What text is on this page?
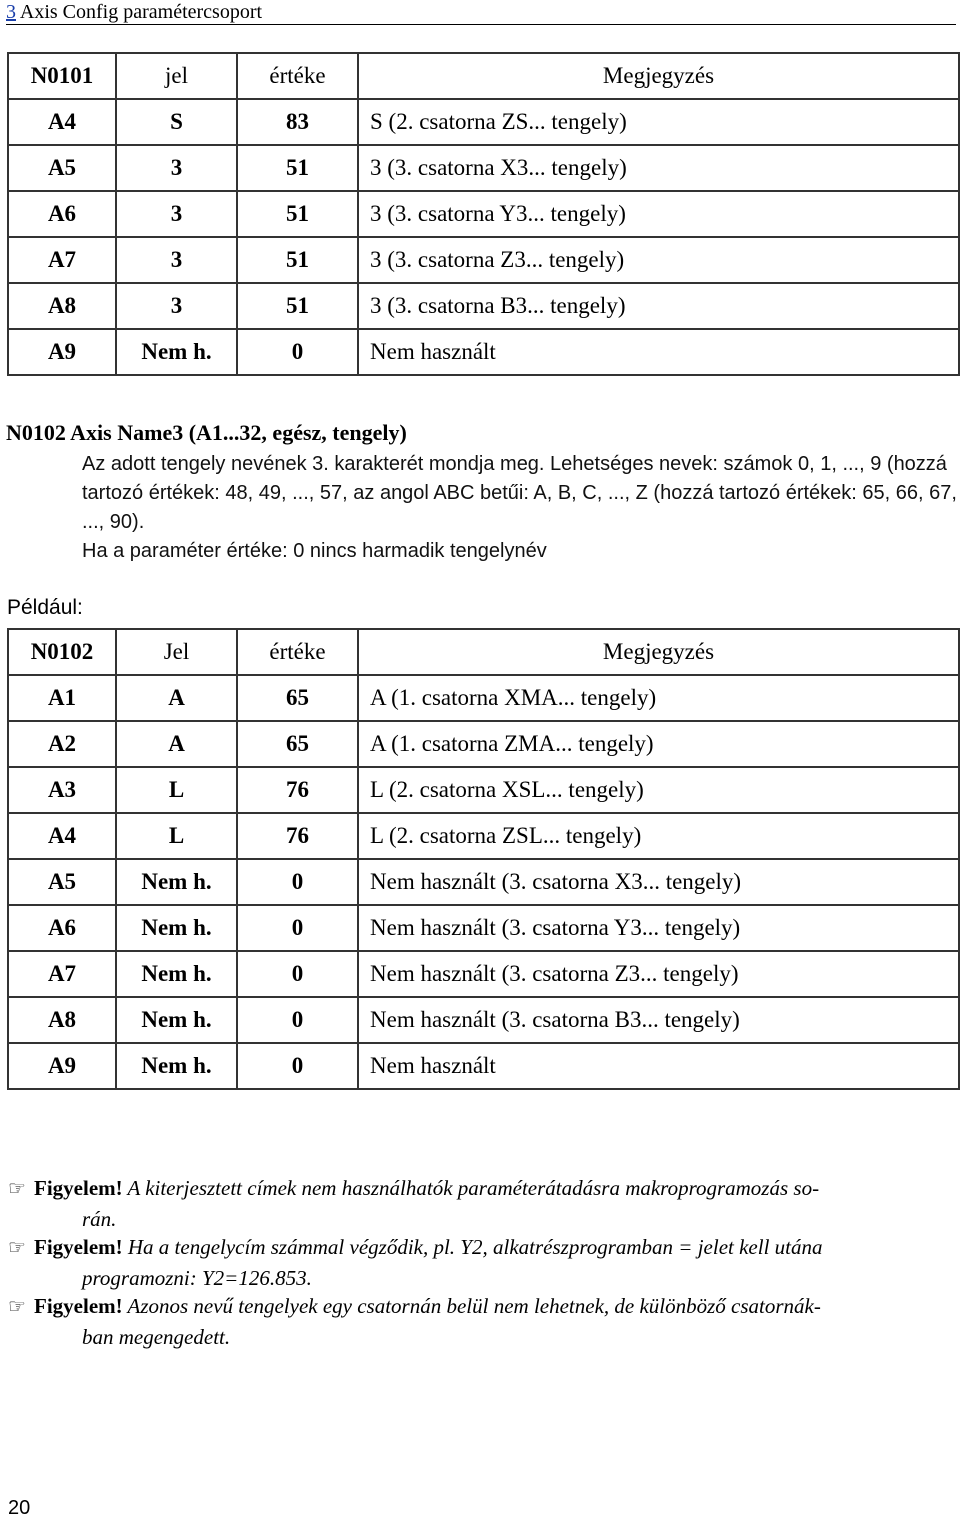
3 Axis Config paramétercsoport
N0101	jel	értéke	Megjegyzés
A4	S	83	S (2. csatorna ZS... tengely)
A5	3	51	3 (3. csatorna X3... tengely)
A6	3	51	3 (3. csatorna Y3... tengely)
A7	3	51	3 (3. csatorna Z3... tengely)
A8	3	51	3 (3. csatorna B3... tengely)
A9	Nem h.	0	Nem használt
N0102 Axis Name3 (A1...32, egész, tengely)

Az adott tengely nevének 3. karakterét mondja meg. Lehetséges nevek: számok 0, 1, ..., 9 (hozzá tartozó értékek: 48, 49, ..., 57, az angol ABC betűi: A, B, C, ..., Z (hozzá tartozó értékek: 65, 66, 67, ..., 90).

Ha a paraméter értéke: 0 nincs harmadik tengelynév

Például:
N0102	Jel	értéke	Megjegyzés
A1	A	65	A (1. csatorna XMA... tengely)
A2	A	65	A (1. csatorna ZMA... tengely)
A3	L	76	L (2. csatorna XSL... tengely)
A4	L	76	L (2. csatorna ZSL... tengely)
A5	Nem h.	0	Nem használt (3. csatorna X3... tengely)
A6	Nem h.	0	Nem használt (3. csatorna Y3... tengely)
A7	Nem h.	0	Nem használt (3. csatorna Z3... tengely)
A8	Nem h.	0	Nem használt (3. csatorna B3... tengely)
A9	Nem h.	0	Nem használt
☞ Figyelem! A kiterjesztett címek nem használhatók paraméterátadásra makroprogramozás so-
rán.
☞ Figyelem! Ha a tengelycím számmal végződik, pl. Y2, alkatrészprogramban = jelet kell utána
programozni: Y2=126.853.
☞ Figyelem! Azonos nevű tengelyek egy csatornán belül nem lehetnek, de különböző csatornák-
ban megengedett.
20
